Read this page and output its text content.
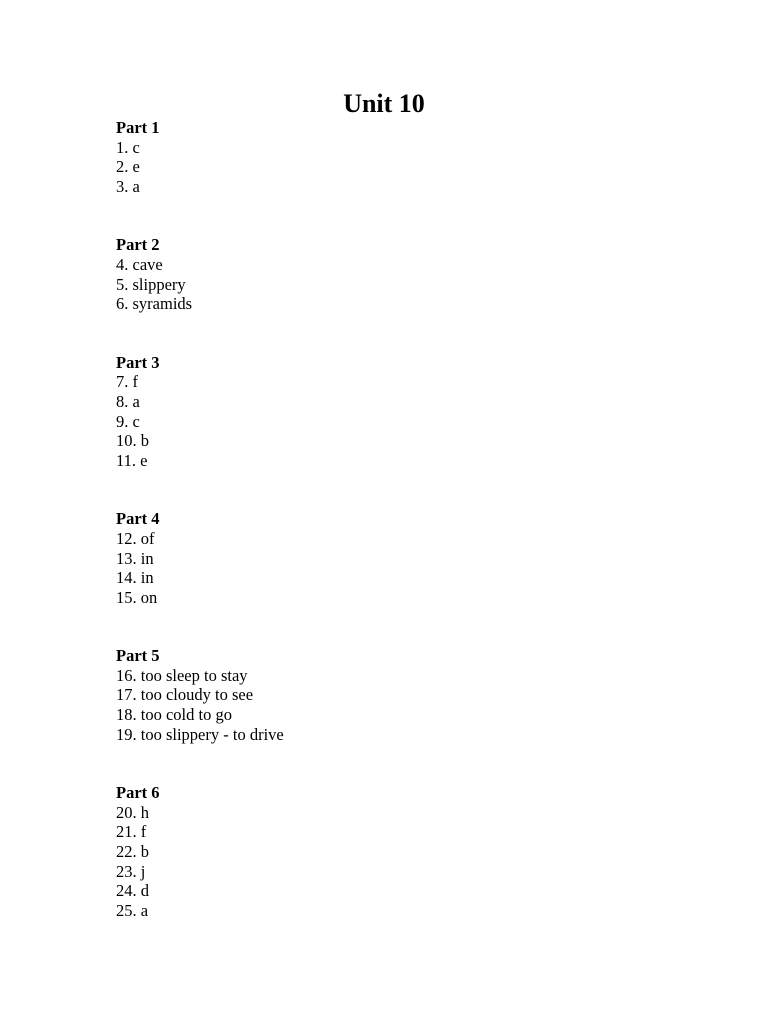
Unit 10
Part 1
1. c
2. e
3. a
Part 2
4. cave
5. slippery
6. syramids
Part 3
7. f
8. a
9. c
10. b
11. e
Part 4
12. of
13. in
14. in
15. on
Part 5
16. too sleep to stay
17. too cloudy to see
18. too cold to go
19. too slippery - to drive
Part 6
20. h
21. f
22. b
23. j
24. d
25. a
